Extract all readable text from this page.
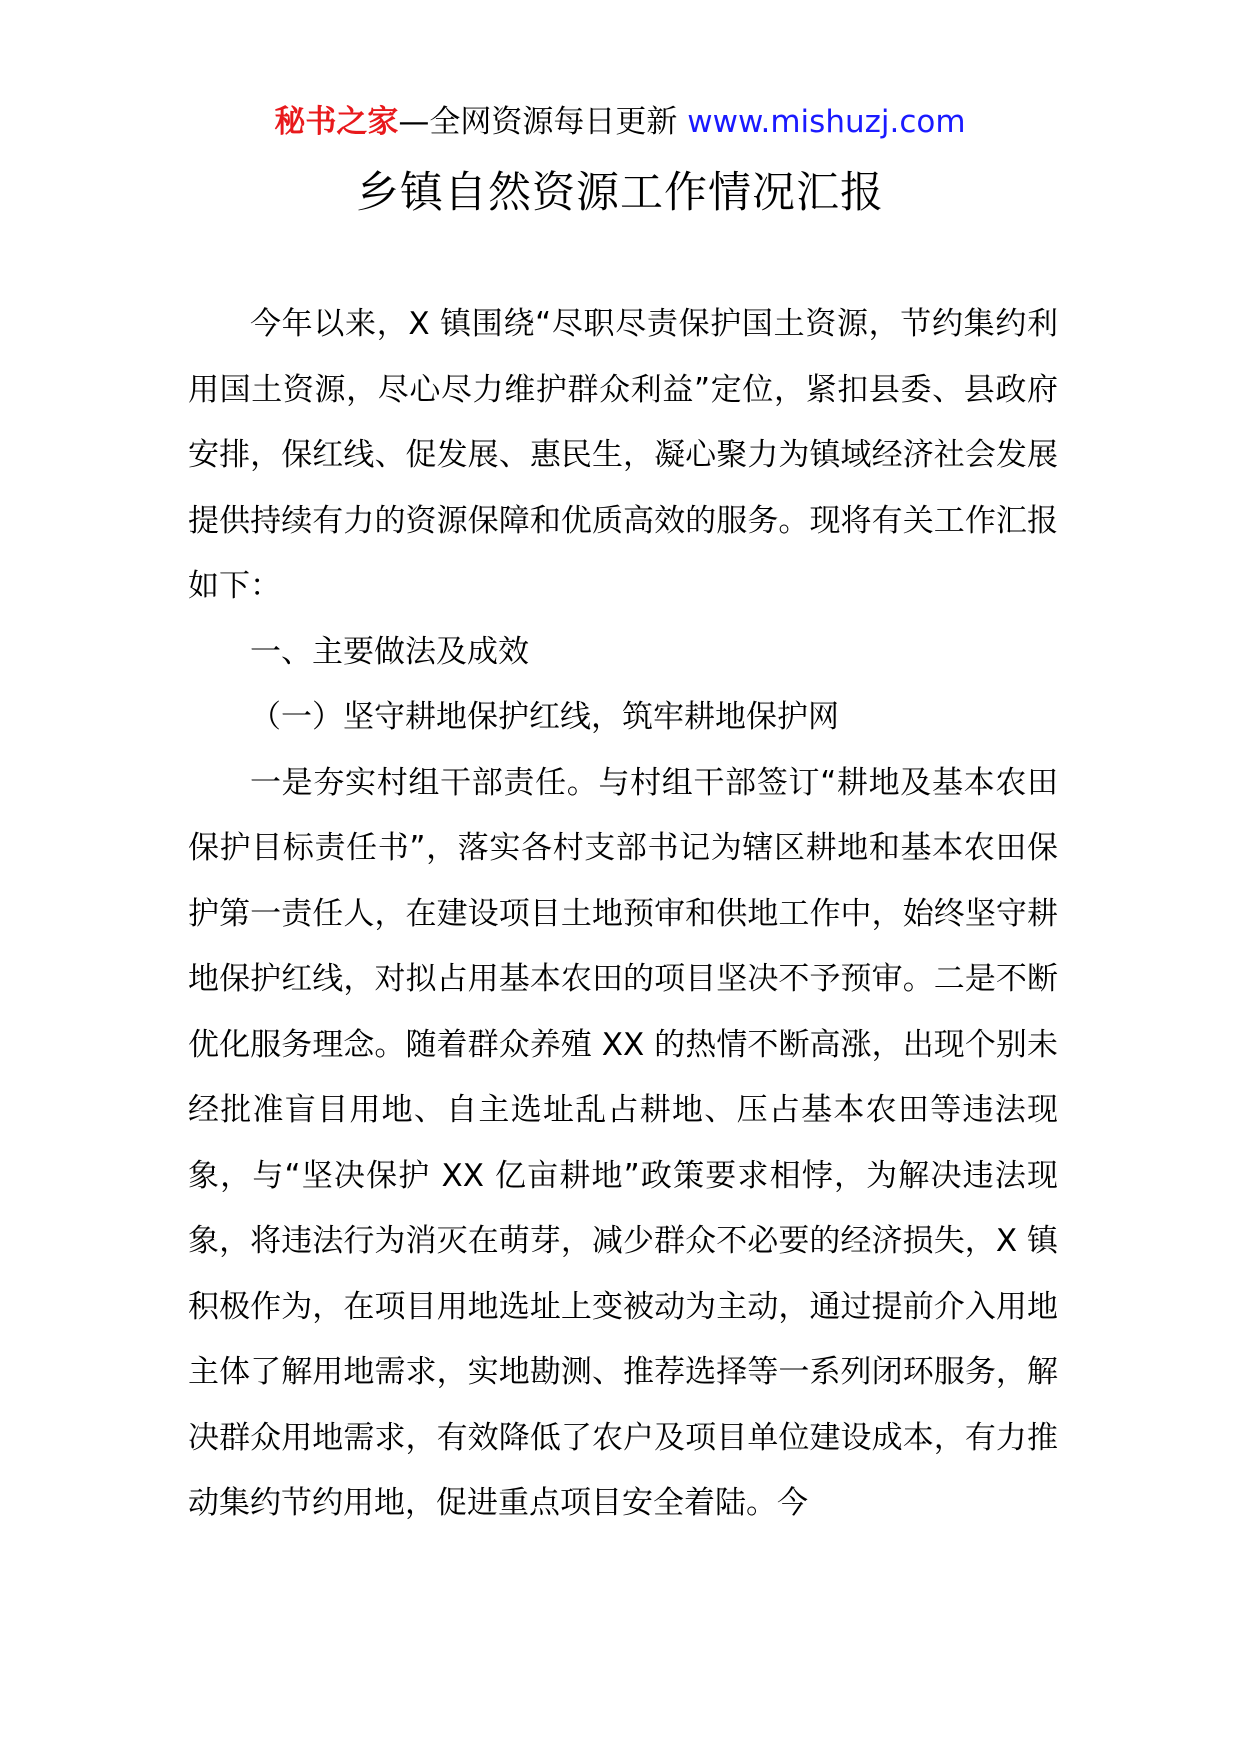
秘书之家—全网资源每日更新 www.mishuzj.com
乡镇自然资源工作情况汇报

今年以来，X 镇围绕“尽职尽责保护国土资源，节约集约利用国土资源，尽心尽力维护群众利益”定位，紧扣县委、县政府安排，保红线、促发展、惠民生，凝心聚力为镇域经济社会发展提供持续有力的资源保障和优质高效的服务。现将有关工作汇报如下：

一、主要做法及成效

（一）坚守耕地保护红线，筑牢耕地保护网

一是夯实村组干部责任。与村组干部签订“耕地及基本农田保护目标责任书”，落实各村支部书记为辖区耕地和基本农田保护第一责任人，在建设项目土地预审和供地工作中，始终坚守耕地保护红线，对拟占用基本农田的项目坚决不予预审。二是不断优化服务理念。随着群众养殖 XX 的热情不断高涨，出现个别未经批准盲目用地、自主选址乱占耕地、压占基本农田等违法现象，与“坚决保护 XX 亿亩耕地”政策要求相悖，为解决违法现象，将违法行为消灭在萌芽，减少群众不必要的经济损失，X 镇积极作为，在项目用地选址上变被动为主动，通过提前介入用地主体了解用地需求，实地勘测、推荐选择等一系列闭环服务，解决群众用地需求，有效降低了农户及项目单位建设成本，有力推动集约节约用地，促进重点项目安全着陆。今
